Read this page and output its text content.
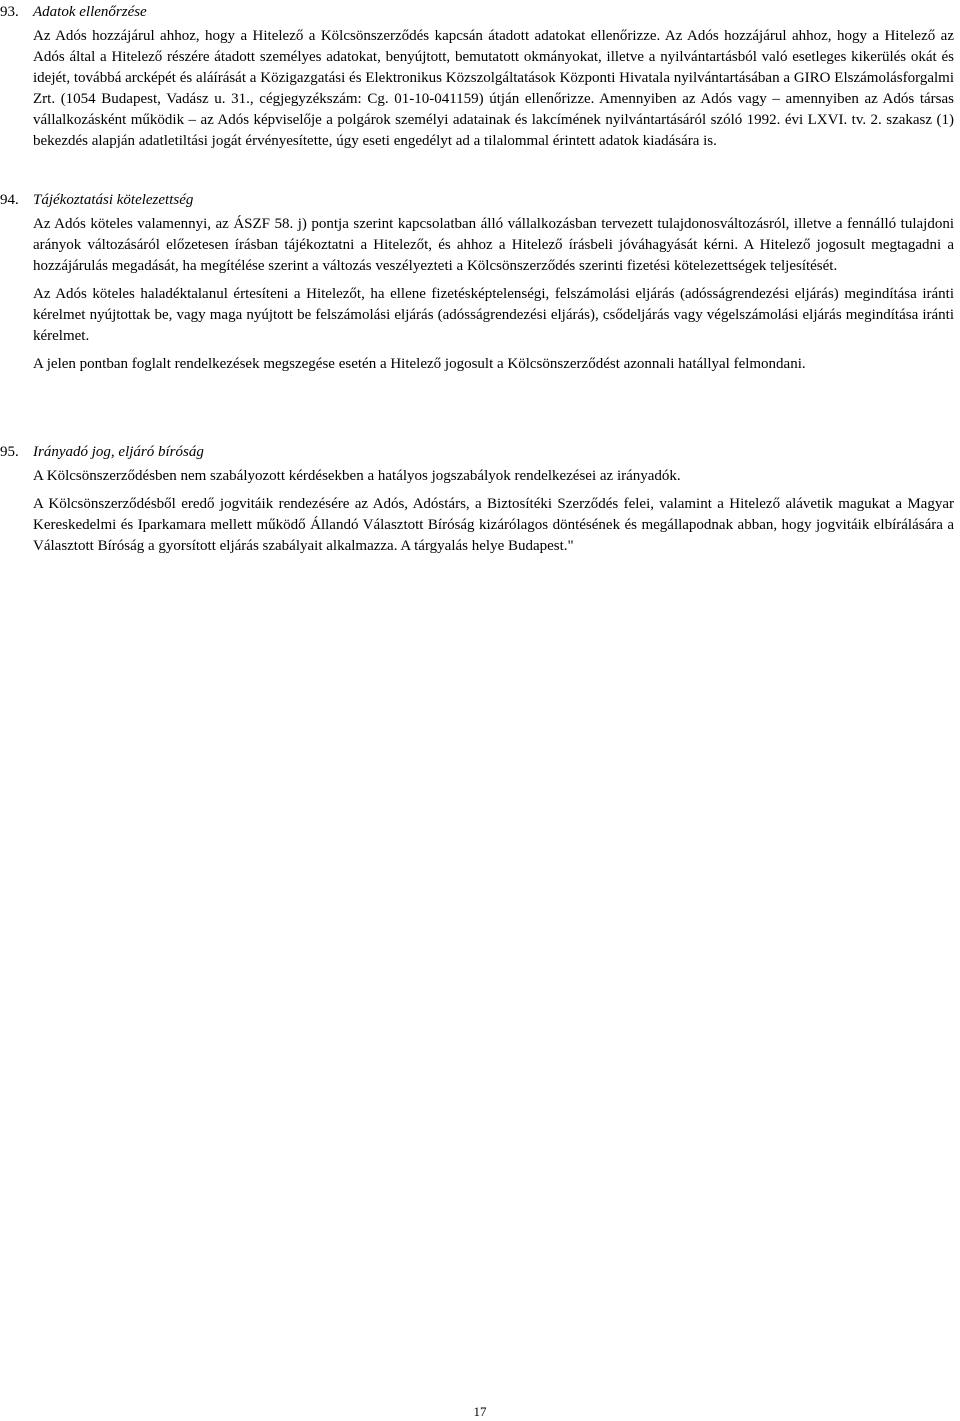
93. Adatok ellenőrzése

Az Adós hozzájárul ahhoz, hogy a Hitelező a Kölcsönszerződés kapcsán átadott adatokat ellenőrizze. Az Adós hozzájárul ahhoz, hogy a Hitelező az Adós által a Hitelező részére átadott személyes adatokat, benyújtott, bemutatott okmányokat, illetve a nyilvántartásból való esetleges kikerülés okát és idejét, továbbá arcképét és aláírását a Közigazgatási és Elektronikus Közszolgáltatások Központi Hivatala nyilvántartásában a GIRO Elszámolásforgalmi Zrt. (1054 Budapest, Vadász u. 31., cégjegyzékszám: Cg. 01-10-041159) útján ellenőrizze. Amennyiben az Adós vagy – amennyiben az Adós társas vállalkozásként működik – az Adós képviselője a polgárok személyi adatainak és lakcímének nyilvántartásáról szóló 1992. évi LXVI. tv. 2. szakasz (1) bekezdés alapján adatletiltási jogát érvényesítette, úgy eseti engedélyt ad a tilalommal érintett adatok kiadására is.

94. Tájékoztatási kötelezettség

Az Adós köteles valamennyi, az ÁSZF 58. j) pontja szerint kapcsolatban álló vállalkozásban tervezett tulajdonosváltozásról, illetve a fennálló tulajdoni arányok változásáról előzetesen írásban tájékoztatni a Hitelezőt, és ahhoz a Hitelező írásbeli jóváhagyását kérni. A Hitelező jogosult megtagadni a hozzájárulás megadását, ha megítélése szerint a változás veszélyezteti a Kölcsönszerződés szerinti fizetési kötelezettségek teljesítését.

Az Adós köteles haladéktalanul értesíteni a Hitelezőt, ha ellene fizetésképtelenségi, felszámolási eljárás (adósságrendezési eljárás) megindítása iránti kérelmet nyújtottak be, vagy maga nyújtott be felszámolási eljárás (adósságrendezési eljárás), csődeljárás vagy végelszámolási eljárás megindítása iránti kérelmet.

A jelen pontban foglalt rendelkezések megszegése esetén a Hitelező jogosult a Kölcsönszerződést azonnali hatállyal felmondani.

95. Irányadó jog, eljáró bíróság

A Kölcsönszerződésben nem szabályozott kérdésekben a hatályos jogszabályok rendelkezései az irányadók.

A Kölcsönszerződésből eredő jogvitáik rendezésére az Adós, Adóstárs, a Biztosítéki Szerződés felei, valamint a Hitelező alávetik magukat a Magyar Kereskedelmi és Iparkamara mellett működő Állandó Választott Bíróság kizárólagos döntésének és megállapodnak abban, hogy jogvitáik elbírálására a Választott Bíróság a gyorsított eljárás szabályait alkalmazza. A tárgyalás helye Budapest."

17
